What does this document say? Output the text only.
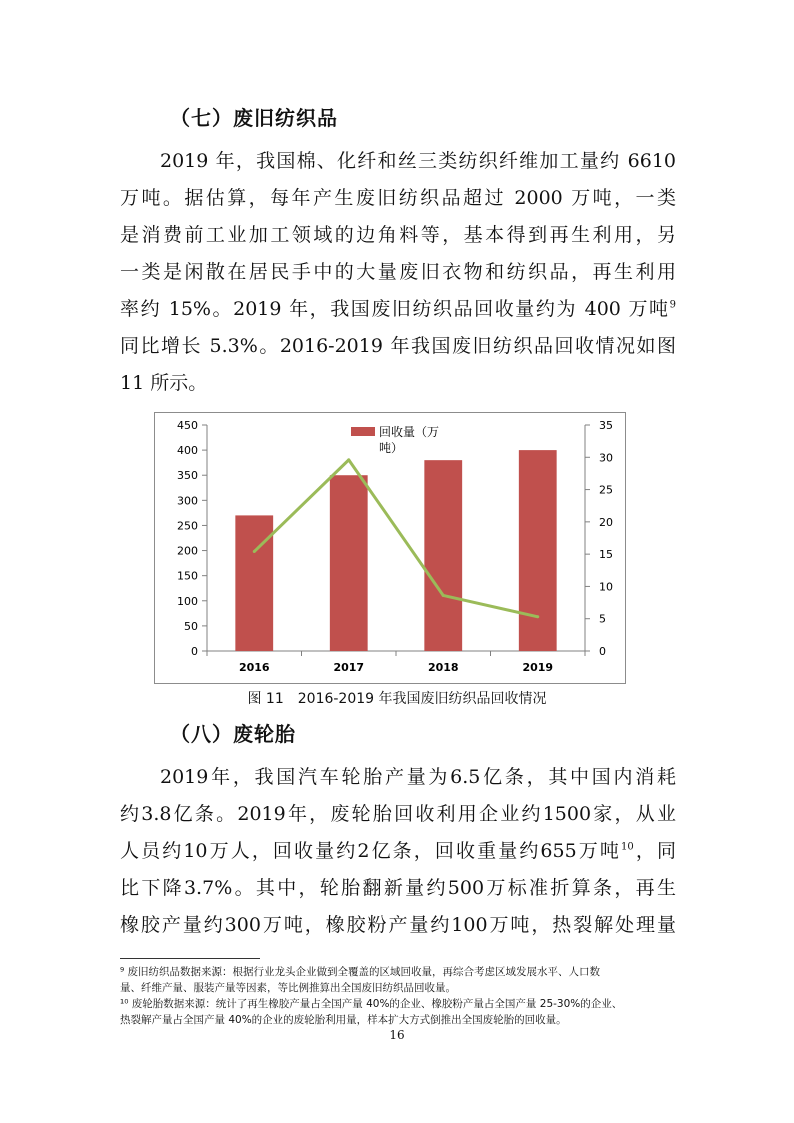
（七）废旧纺织品
2019 年，我国棉、化纤和丝三类纺织纤维加工量约 6610
万吨。据估算，每年产生废旧纺织品超过 2000 万吨，一类
是消费前工业加工领域的边角料等，基本得到再生利用，另
一类是闲散在居民手中的大量废旧衣物和纺织品，再生利用
率约 15%。2019 年，我国废旧纺织品回收量约为 400 万吨$^9$
同比增长 5.3%。2016-2019 年我国废旧纺织品回收情况如图
11 所示。
0
50
100
150
200
250
300
350
400
450
0
5
10
15
20
25
30
35
2016	2017	2018	2019
回收量（万
吨）
图 11　2016-2019 年我国废旧纺织品回收情况
（八）废轮胎
2019年，我国汽车轮胎产量为6.5亿条，其中国内消耗
约3.8亿条。2019年，废轮胎回收利用企业约1500家，从业
人员约10万人，回收量约2亿条，回收重量约655万吨$^{10}$，同
比下降3.7%。其中，轮胎翻新量约500万标准折算条，再生
橡胶产量约300万吨，橡胶粉产量约100万吨，热裂解处理量
⁹ 废旧纺织品数据来源：根据行业龙头企业做到全覆盖的区域回收量，再综合考虑区域发展水平、人口数
量、纤维产量、服装产量等因素，等比例推算出全国废旧纺织品回收量。
¹⁰ 废轮胎数据来源：统计了再生橡胶产量占全国产量 40%的企业、橡胶粉产量占全国产量 25-30%的企业、
热裂解产量占全国产量 40%的企业的废轮胎利用量，样本扩大方式倒推出全国废轮胎的回收量。
16
